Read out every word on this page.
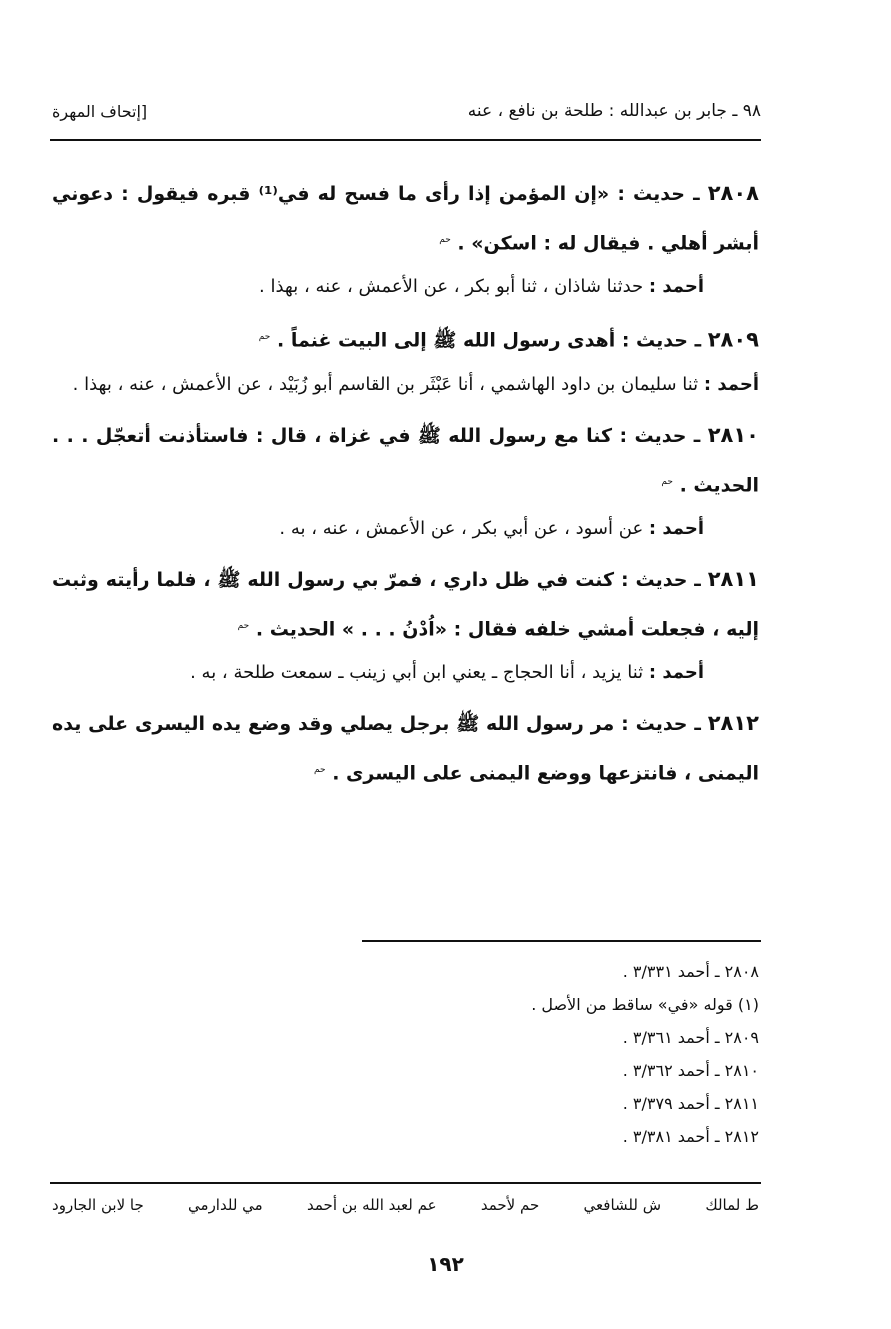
٩٨ ـ جابر بن عبدالله : طلحة بن نافع ، عنه
[إتحاف المهرة
٢٨٠٨ ـ حديث : «إن المؤمن إذا رأى ما فسح له في⁽¹⁾ قبره فيقول : دعوني أبشر أهلي . فيقال له : اسكن» . $^{حم}$
أحمد : حدثنا شاذان ، ثنا أبو بكر ، عن الأعمش ، عنه ، بهذا .
٢٨٠٩ ـ حديث : أهدى رسول الله ﷺ إلى البيت غنماً . $^{حم}$
أحمد : ثنا سليمان بن داود الهاشمي ، أنا عَبْثَر بن القاسم أبو زُبَيْد ، عن الأعمش ، عنه ، بهذا .
٢٨١٠ ـ حديث : كنا مع رسول الله ﷺ في غزاة ، قال : فاستأذنت أتعجّل . . . الحديث . $^{حم}$
أحمد : عن أسود ، عن أبي بكر ، عن الأعمش ، عنه ، به .
٢٨١١ ـ حديث : كنت في ظل داري ، فمرّ بي رسول الله ﷺ ، فلما رأيته وثبت إليه ، فجعلت أمشي خلفه فقال : «اُدْنُ . . . » الحديث . $^{حم}$
أحمد : ثنا يزيد ، أنا الحجاج ـ يعني ابن أبي زينب ـ سمعت طلحة ، به .
٢٨١٢ ـ حديث : مر رسول الله ﷺ برجل يصلي وقد وضع يده اليسرى على يده اليمنى ، فانتزعها ووضع اليمنى على اليسرى . $^{حم}$
٢٨٠٨ ـ أحمد ٣/٣٣١ .
(١) قوله «في» ساقط من الأصل .
٢٨٠٩ ـ أحمد ٣/٣٦١ .
٢٨١٠ ـ أحمد ٣/٣٦٢ .
٢٨١١ ـ أحمد ٣/٣٧٩ .
٢٨١٢ ـ أحمد ٣/٣٨١ .
ط لمالك
ش للشافعي
حم لأحمد
عم لعبد الله بن أحمد
مي للدارمي
جا لابن الجارود
١٩٢
